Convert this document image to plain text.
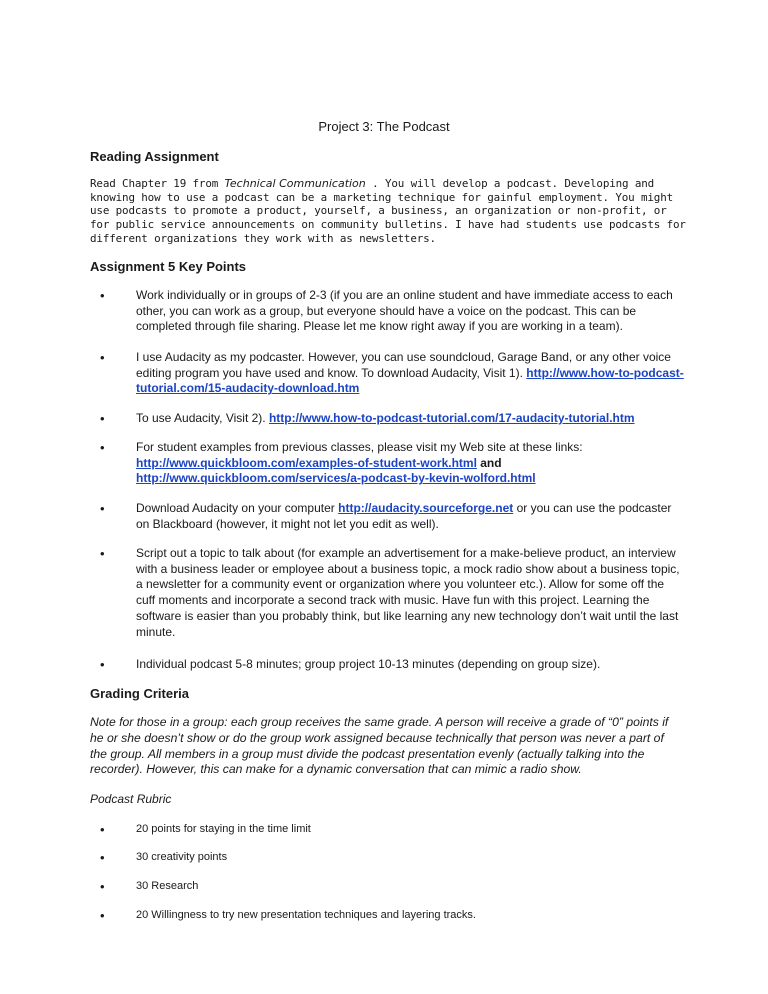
Project 3: The Podcast
Reading Assignment
Read Chapter 19 from Technical Communication . You will develop a podcast. Developing and knowing how to use a podcast can be a marketing technique for gainful employment. You might use podcasts to promote a product, yourself, a business, an organization or non-profit, or for public service announcements on community bulletins. I have had students use podcasts for different organizations they work with as newsletters.
Assignment 5 Key Points
•	Work individually or in groups of 2-3 (if you are an online student and have immediate access to each other, you can work as a group, but everyone should have a voice on the podcast. This can be completed through file sharing. Please let me know right away if you are working in a team).
•	I use Audacity as my podcaster. However, you can use soundcloud, Garage Band, or any other voice editing program you have used and know. To download Audacity, Visit 1). http://www.how-to-podcast-tutorial.com/15-audacity-download.htm
•	To use Audacity, Visit 2). http://www.how-to-podcast-tutorial.com/17-audacity-tutorial.htm
•	For student examples from previous classes, please visit my Web site at these links: http://www.quickbloom.com/examples-of-student-work.html and http://www.quickbloom.com/services/a-podcast-by-kevin-wolford.html
•	Download Audacity on your computer http://audacity.sourceforge.net or you can use the podcaster on Blackboard (however, it might not let you edit as well).
•	Script out a topic to talk about (for example an advertisement for a make-believe product, an interview with a business leader or employee about a business topic, a mock radio show about a business topic, a newsletter for a community event or organization where you volunteer etc.). Allow for some off the cuff moments and incorporate a second track with music. Have fun with this project. Learning the software is easier than you probably think, but like learning any new technology don’t wait until the last minute.
•	Individual podcast 5-8 minutes; group project 10-13 minutes (depending on group size).
Grading Criteria
Note for those in a group: each group receives the same grade. A person will receive a grade of “0” points if he or she doesn’t show or do the group work assigned because technically that person was never a part of the group. All members in a group must divide the podcast presentation evenly (actually talking into the recorder). However, this can make for a dynamic conversation that can mimic a radio show.
Podcast Rubric
•	20 points for staying in the time limit
•	30 creativity points
•	30 Research
•	20 Willingness to try new presentation techniques and layering tracks.
